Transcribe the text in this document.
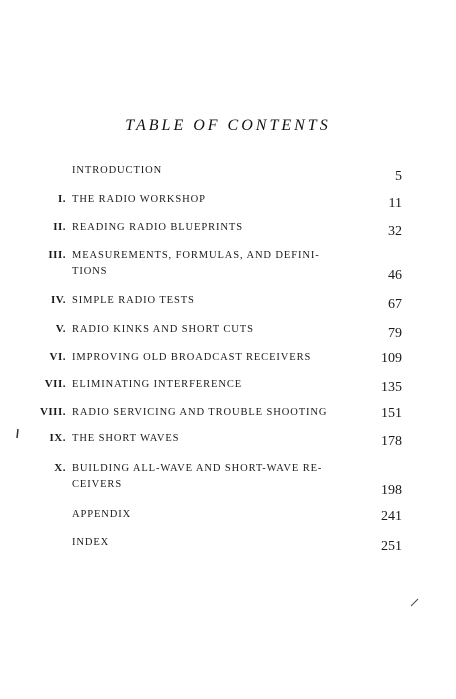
TABLE OF CONTENTS
INTRODUCTION	5
I. THE RADIO WORKSHOP	11
II. READING RADIO BLUEPRINTS	32
III. MEASUREMENTS, FORMULAS, AND DEFINI-
TIONS	46
IV. SIMPLE RADIO TESTS	67
V. RADIO KINKS AND SHORT CUTS	79
VI. IMPROVING OLD BROADCAST RECEIVERS	109
VII. ELIMINATING INTERFERENCE	135
VIII. RADIO SERVICING AND TROUBLE SHOOTING	151
IX. THE SHORT WAVES	178
X. BUILDING ALL-WAVE AND SHORT-WAVE RE-
CEIVERS	198
APPENDIX	241
INDEX	251
